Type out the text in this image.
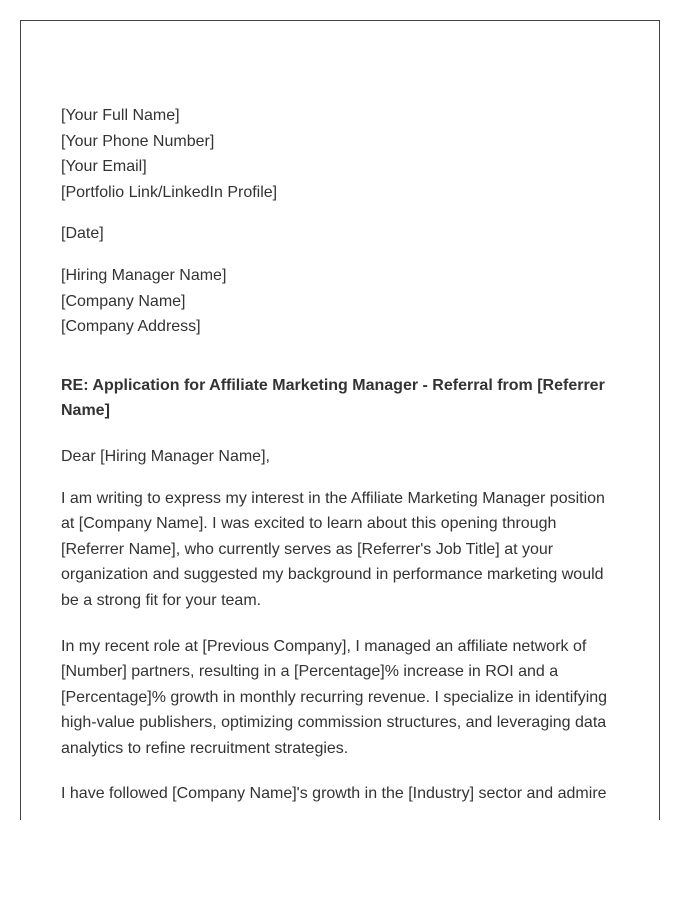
[Your Full Name]
[Your Phone Number]
[Your Email]
[Portfolio Link/LinkedIn Profile]
[Date]
[Hiring Manager Name]
[Company Name]
[Company Address]

RE: Application for Affiliate Marketing Manager - Referral from [Referrer Name]

Dear [Hiring Manager Name],

I am writing to express my interest in the Affiliate Marketing Manager position at [Company Name]. I was excited to learn about this opening through [Referrer Name], who currently serves as [Referrer's Job Title] at your organization and suggested my background in performance marketing would be a strong fit for your team.

In my recent role at [Previous Company], I managed an affiliate network of [Number] partners, resulting in a [Percentage]% increase in ROI and a [Percentage]% growth in monthly recurring revenue. I specialize in identifying high-value publishers, optimizing commission structures, and leveraging data analytics to refine recruitment strategies.

I have followed [Company Name]'s growth in the [Industry] sector and admire
